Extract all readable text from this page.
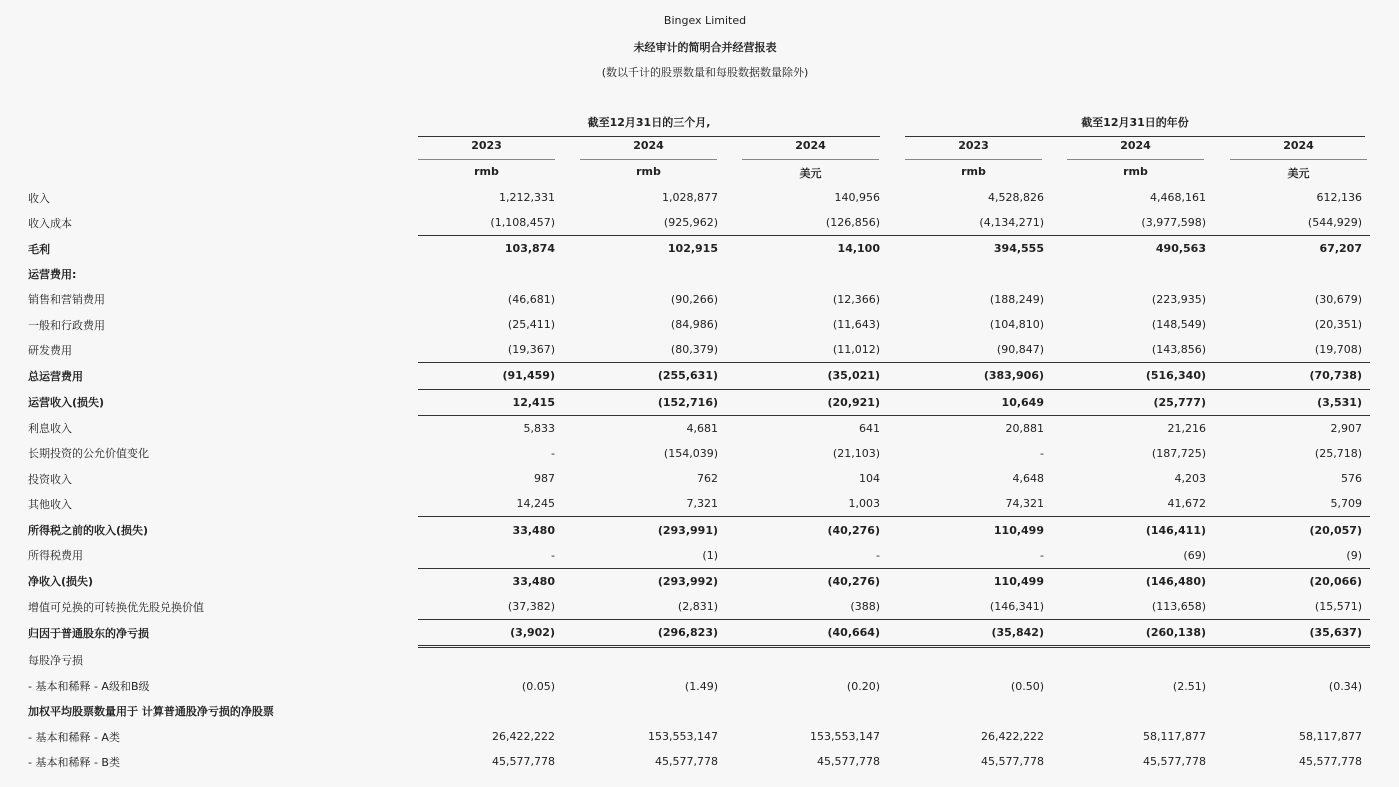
Bingex Limited
未经审计的简明合并经营报表
(数以千计的股票数量和每股数据数量除外)
截至12月31日的三个月,	截至12月31日的年份
2023	2024	2024	2023	2024	2024
rmb	rmb	美元	rmb	rmb	美元
收入	1,212,331	1,028,877	140,956	4,528,826	4,468,161	612,136
收入成本	(1,108,457)	(925,962)	(126,856)	(4,134,271)	(3,977,598)	(544,929)
毛利	103,874	102,915	14,100	394,555	490,563	67,207
运营费用:						
销售和营销费用	(46,681)	(90,266)	(12,366)	(188,249)	(223,935)	(30,679)
一般和行政费用	(25,411)	(84,986)	(11,643)	(104,810)	(148,549)	(20,351)
研发费用	(19,367)	(80,379)	(11,012)	(90,847)	(143,856)	(19,708)
总运营费用	(91,459)	(255,631)	(35,021)	(383,906)	(516,340)	(70,738)
运营收入(损失)	12,415	(152,716)	(20,921)	10,649	(25,777)	(3,531)
利息收入	5,833	4,681	641	20,881	21,216	2,907
长期投资的公允价值变化	-	(154,039)	(21,103)	-	(187,725)	(25,718)
投资收入	987	762	104	4,648	4,203	576
其他收入	14,245	7,321	1,003	74,321	41,672	5,709
所得税之前的收入(损失)	33,480	(293,991)	(40,276)	110,499	(146,411)	(20,057)
所得税费用	-	(1)	-	-	(69)	(9)
净收入(损失)	33,480	(293,992)	(40,276)	110,499	(146,480)	(20,066)
增值可兑换的可转换优先股兑换价值	(37,382)	(2,831)	(388)	(146,341)	(113,658)	(15,571)
归因于普通股东的净亏损	(3,902)	(296,823)	(40,664)	(35,842)	(260,138)	(35,637)
每股净亏损						
- 基本和稀释 - A级和B级	(0.05)	(1.49)	(0.20)	(0.50)	(2.51)	(0.34)
加权平均股票数量用于 计算普通股净亏损的净股票						
- 基本和稀释 - A类	26,422,222	153,553,147	153,553,147	26,422,222	58,117,877	58,117,877
- 基本和稀释 - B类	45,577,778	45,577,778	45,577,778	45,577,778	45,577,778	45,577,778
